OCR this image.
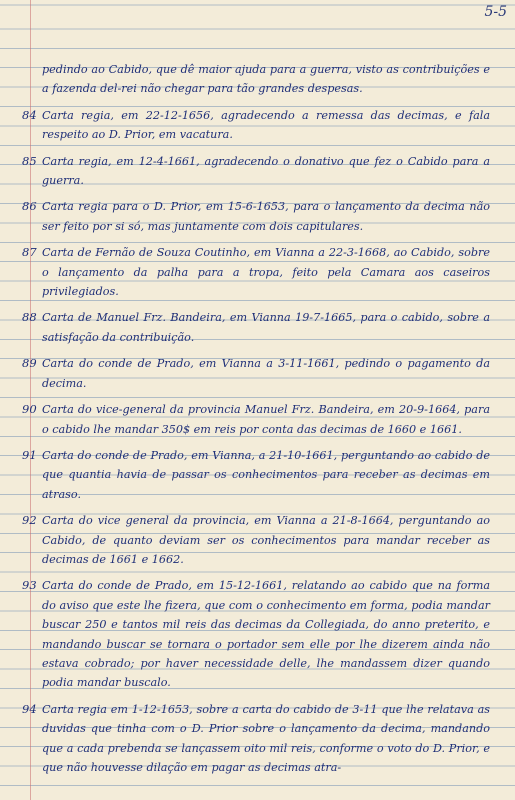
5-5
pedindo ao Cabido, que dê maior ajuda para a guerra, visto as contribuições e a fazenda del-rei não chegar para tão grandes despesas.
84 Carta regia, em 22-12-1656, agradecendo a remessa das decimas, e fala respeito ao D. Prior, em vacatura.
85 Carta regia, em 12-4-1661, agradecendo o donativo que fez o Cabido para a guerra.
86 Carta regia para o D. Prior, em 15-6-1653, para o lançamento da decima não ser feito por si só, mas juntamente com dois capitulares.
87 Carta de Fernão de Souza Coutinho, em Vianna a 22-3-1668, ao Cabido, sobre o lançamento da palha para a tropa, feito pela Camara aos caseiros privilegiados.
88 Carta de Manuel Frz. Bandeira, em Vianna 19-7-1665, para o cabido, sobre a satisfação da contribuição.
89 Carta do conde de Prado, em Vianna a 3-11-1661, pedindo o pagamento da decima.
90 Carta do vice-general da provincia Manuel Frz. Bandeira, em 20-9-1664, para o cabido lhe mandar 350$ em reis por conta das decimas de 1660 e 1661.
91 Carta do conde de Prado, em Vianna, a 21-10-1661, perguntando ao cabido de que quantia havia de passar os conhecimentos para receber as decimas em atraso.
92 Carta do vice general da provincia, em Vianna a 21-8-1664, perguntando ao Cabido, de quanto deviam ser os conhecimentos para mandar receber as decimas de 1661 e 1662.
93 Carta do conde de Prado, em 15-12-1661, relatando ao cabido que na forma do aviso que este lhe fizera, que com o conhecimento em forma, podia mandar buscar 250 e tantos mil reis das decimas da Collegiada, do anno preterito, e mandando buscar se tornara o portador sem elle por lhe dizerem ainda não estava cobrado; por haver necessidade delle, lhe mandassem dizer quando podia mandar buscalo.
94 Carta regia em 1-12-1653, sobre a carta do cabido de 3-11 que lhe relatava as duvidas que tinha com o D. Prior sobre o lançamento da decima, mandando que a cada prebenda se lançassem oito mil reis, conforme o voto do D. Prior, e que não houvesse dilação em pagar as decimas atra-
